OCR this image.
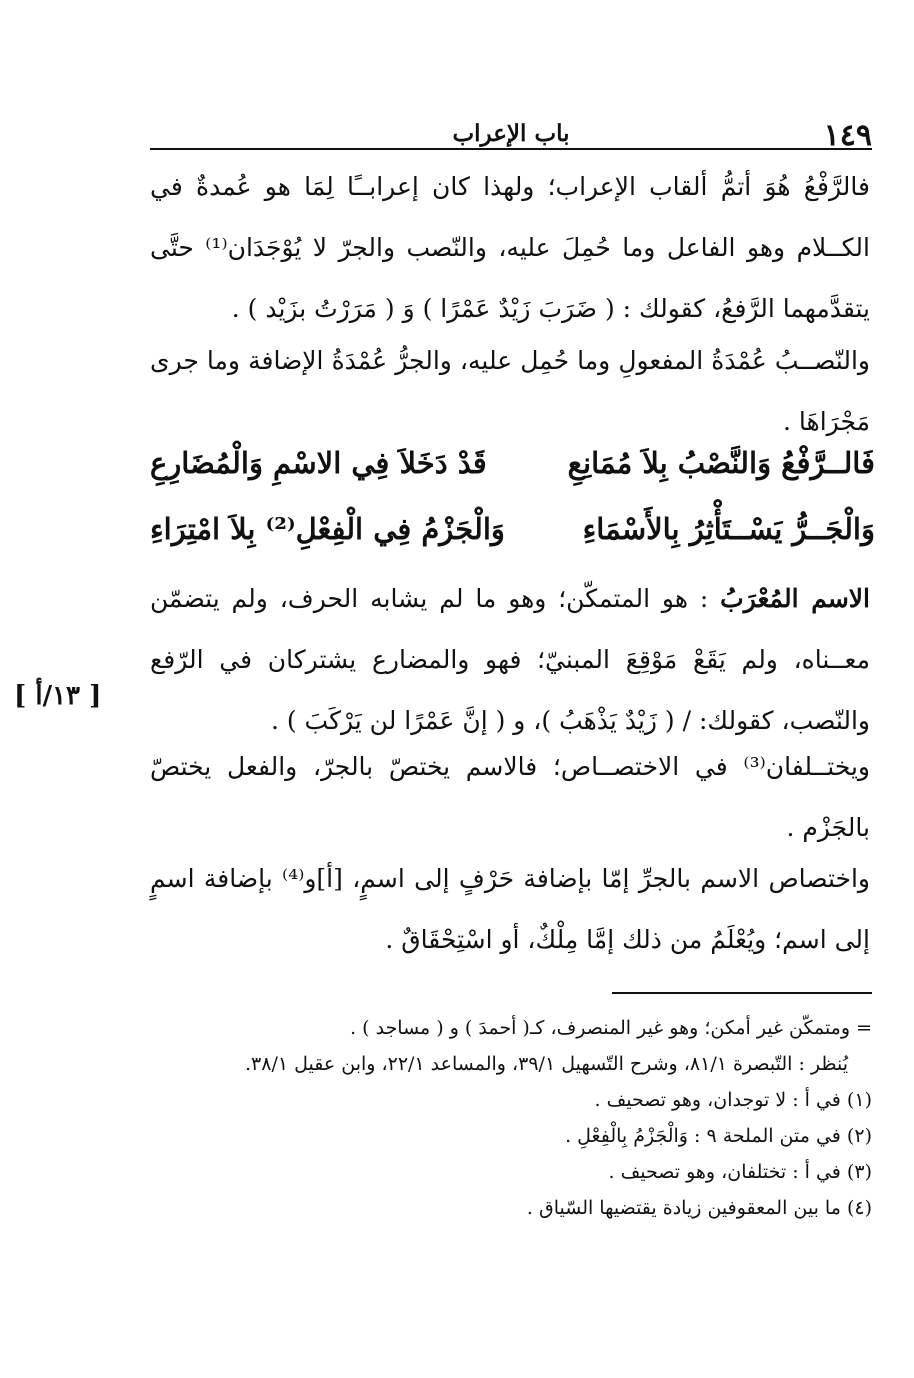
١٤٩
باب الإعراب
فالرَّفْعُ هُوَ أتمُّ ألقاب الإعراب؛ ولهذا كان إعرابــًا لِمَا هو عُمدةٌ في الكــلام وهو الفاعل وما حُمِلَ عليه، والنّصب والجرّ لا يُوْجَدَان⁽¹⁾ حتَّى يتقدَّمهما الرَّفعُ، كقولك : ( ضَرَبَ زَيْدٌ عَمْرًا ) وَ ( مَرَرْتُ بزَيْد ) .
والنّصــبُ عُمْدَةُ المفعولِ وما حُمِل عليه، والجرُّ عُمْدَةُ الإضافة وما جرى مَجْرَاهَا .
فَالــرَّفْعُ وَالنَّصْبُ بِلاَ مُمَانِعِ
قَدْ دَخَلاَ فِي الاسْمِ وَالْمُضَارِعِ
وَالْجَــرُّ يَسْــتَأْثِرُ بِالأَسْمَاءِ
وَالْجَزْمُ فِي الْفِعْلِ⁽²⁾ بِلاَ امْتِرَاءِ
الاسم المُعْرَبُ : هو المتمكّن؛ وهو ما لم يشابه الحرف، ولم يتضمّن معــناه، ولم يَقَعْ مَوْقِعَ المبنيّ؛ فهو والمضارع يشتركان في الرّفع والنّصب، كقولك: / ( زَيْدٌ يَذْهَبُ )، و ( إنَّ عَمْرًا لن يَرْكَبَ ) .
[ ١٣/أ ]
ويختــلفان⁽³⁾ في الاختصــاص؛ فالاسم يختصّ بالجرّ، والفعل يختصّ بالجَزْم .
واختصاص الاسم بالجرِّ إمّا بإضافة حَرْفٍ إلى اسمٍ، [أ]و⁽⁴⁾ بإضافة اسمٍ إلى اسم؛ ويُعْلَمُ من ذلك إمَّا مِلْكٌ، أو اسْتِحْقَاقٌ .
= ومتمكّن غير أمكن؛ وهو غير المنصرف، كـ( أحمدَ ) و ( مساجد ) .
يُنظر : التّبصرة ٨١/١، وشرح التّسهيل ٣٩/١، والمساعد ٢٢/١، وابن عقيل ٣٨/١.
(١) في أ : لا توجدان، وهو تصحيف .
(٢) في متن الملحة ٩ : وَالْجَزْمُ بِالْفِعْلِ .
(٣) في أ : تختلفان، وهو تصحيف .
(٤) ما بين المعقوفين زيادة يقتضيها السّياق .
